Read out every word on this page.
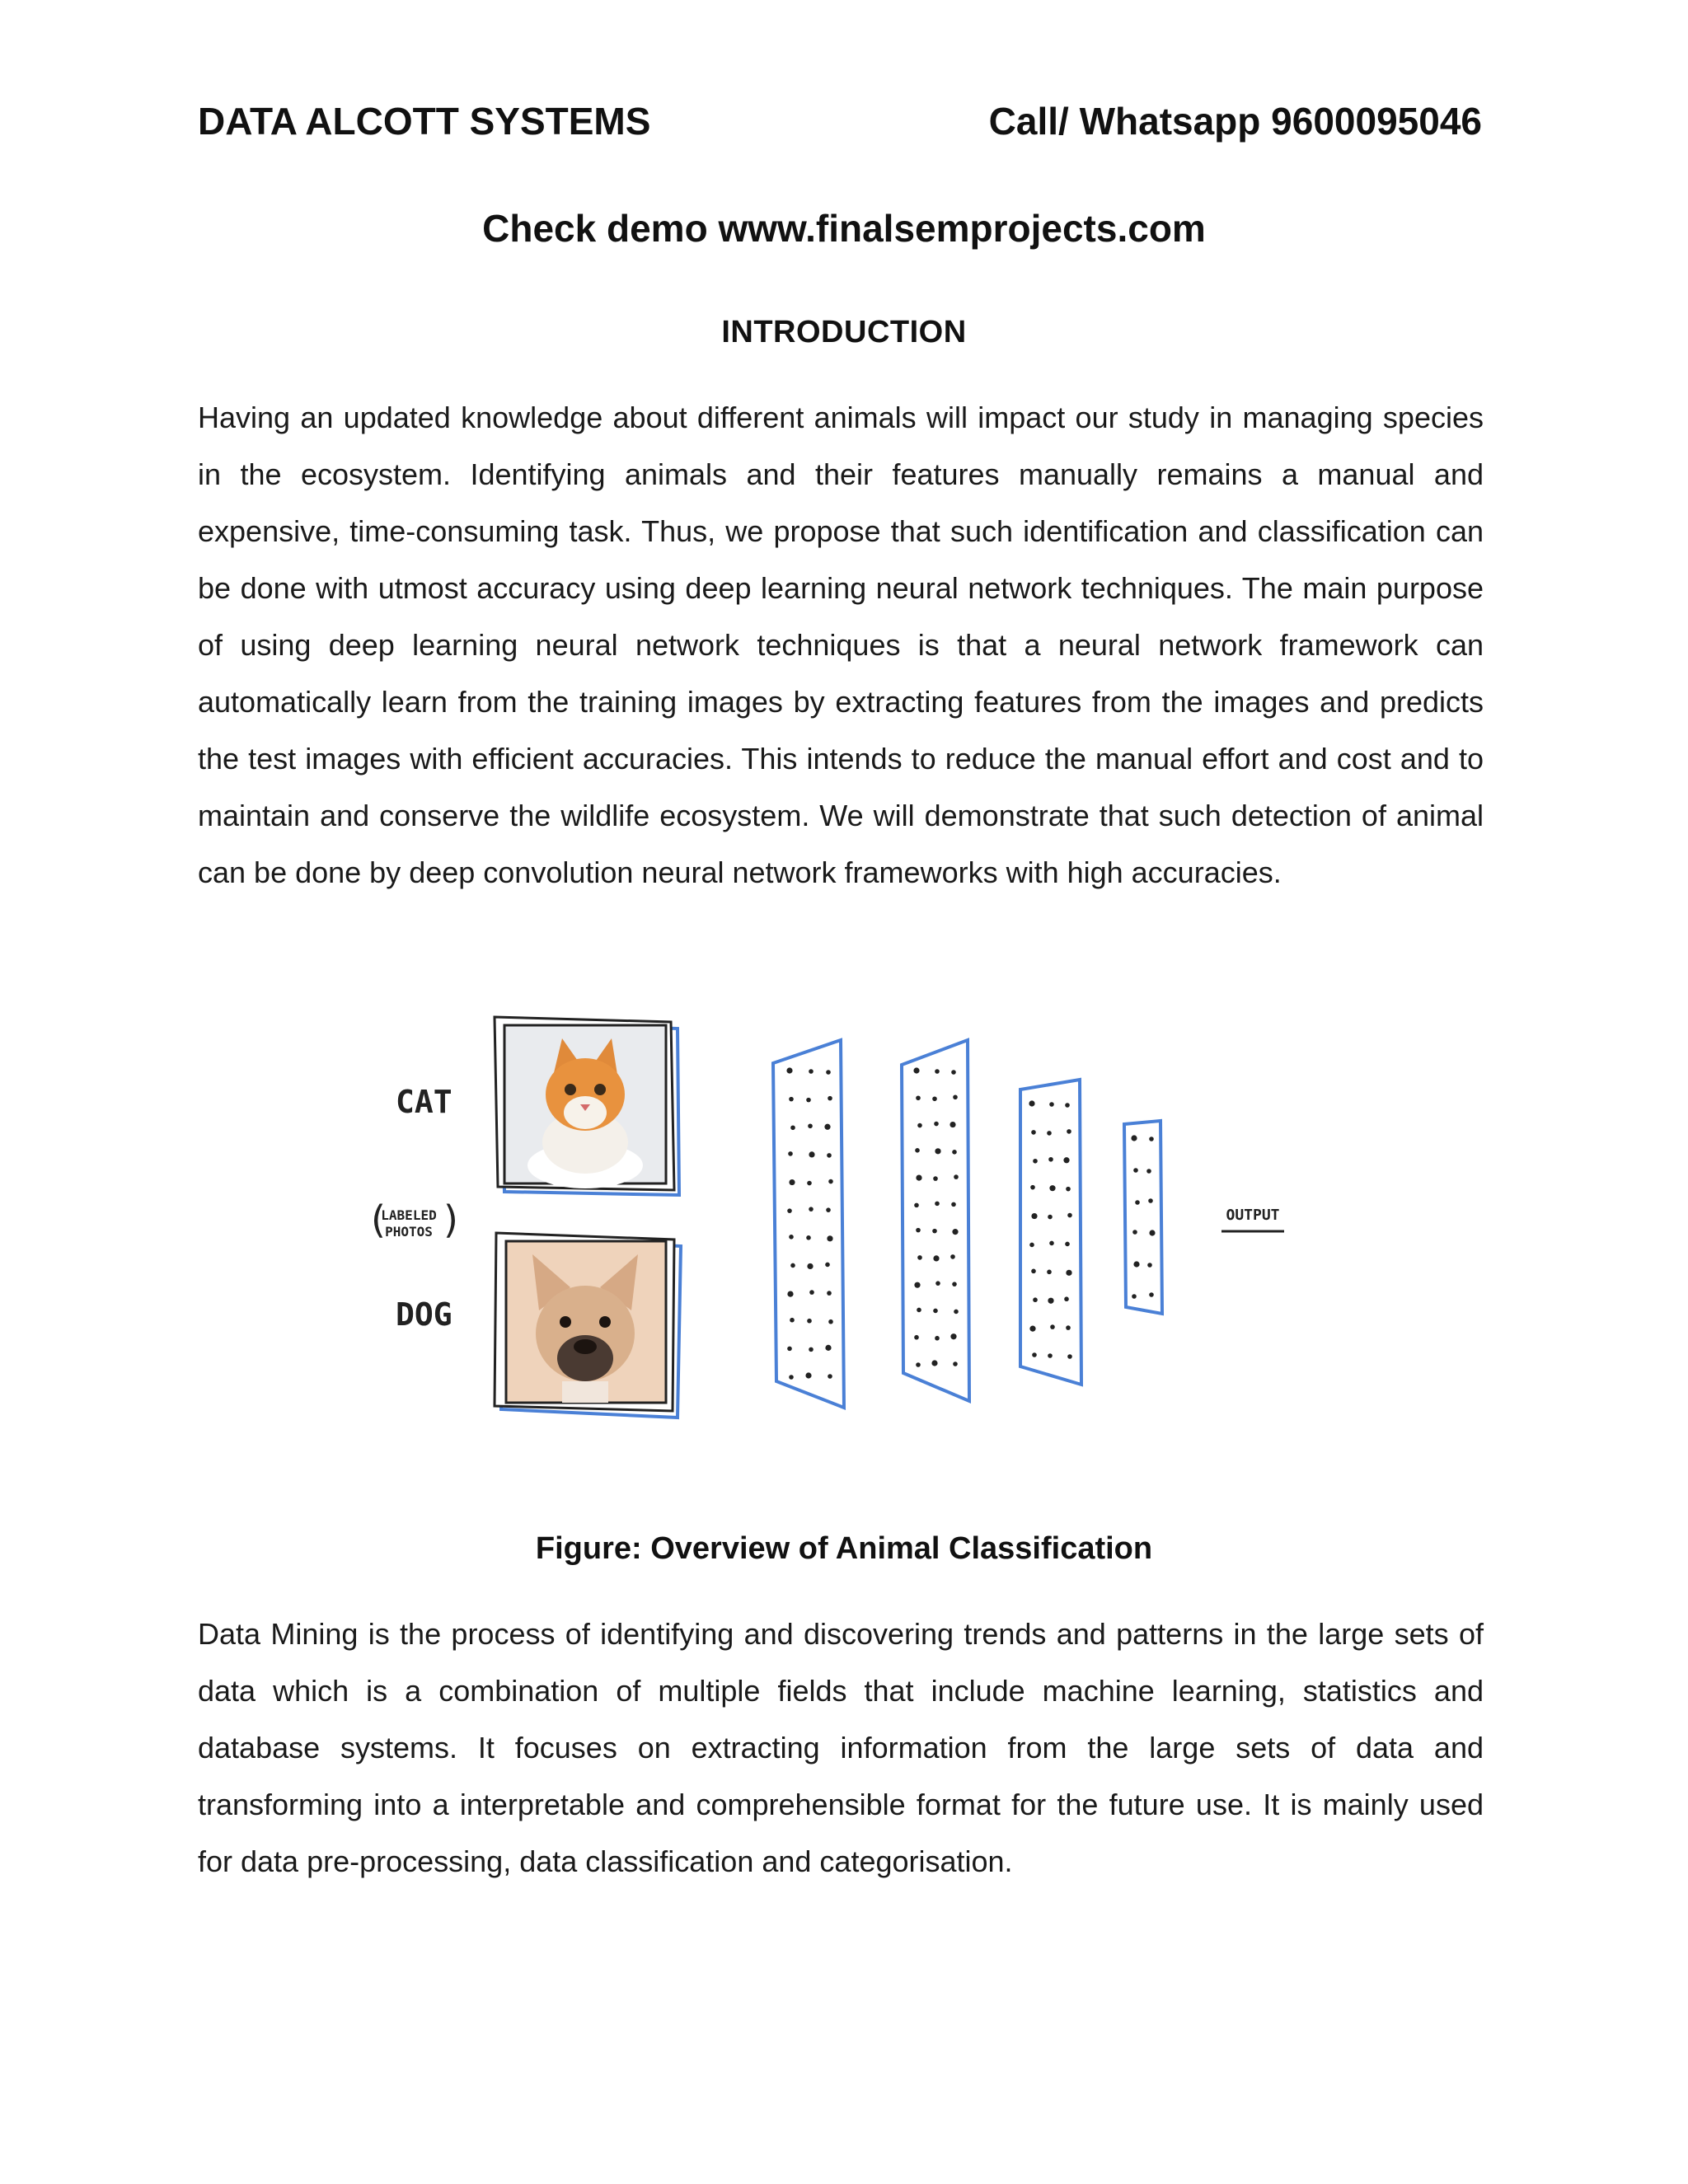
DATA ALCOTT SYSTEMS	Call/ Whatsapp 9600095046
Check demo www.finalsemprojects.com
INTRODUCTION

Having an updated knowledge about different animals will impact our study in managing species in the ecosystem. Identifying animals and their features manually remains a manual and expensive, time-consuming task. Thus, we propose that such identification and classification can be done with utmost accuracy using deep learning neural network techniques. The main purpose of using deep learning neural network techniques is that a neural network framework can automatically learn from the training images by extracting features from the images and predicts the test images with efficient accuracies. This intends to reduce the manual effort and cost and to maintain and conserve the wildlife ecosystem. We will demonstrate that such detection of animal can be done by deep convolution neural network frameworks with high accuracies.

CAT
DOG
( )
LABELED
PHOTOS
OUTPUT
Figure: Overview of Animal Classification

Data Mining is the process of identifying and discovering trends and patterns in the large sets of data which is a combination of multiple fields that include machine learning, statistics and database systems. It focuses on extracting information from the large sets of data and transforming into a interpretable and comprehensible format for the future use. It is mainly used for data pre-processing, data classification and categorisation.
